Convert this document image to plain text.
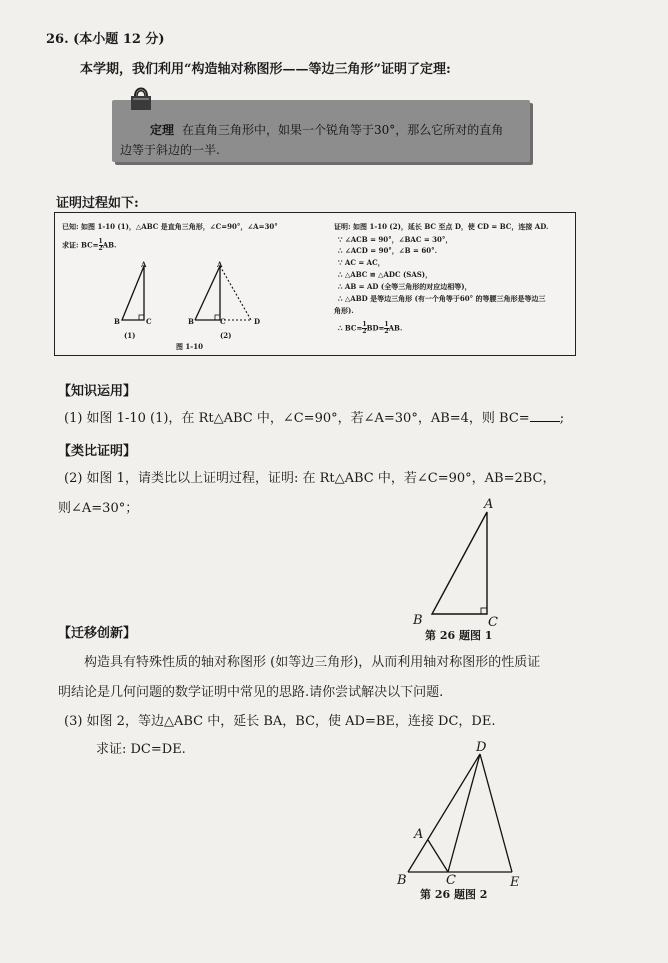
26. (本小题 12 分)
本学期，我们利用“构造轴对称图形——等边三角形”证明了定理:
定理 在直角三角形中，如果一个锐角等于30°，那么它所对的直角
边等于斜边的一半.
证明过程如下:
已知: 如图 1-10 (1)，△ABC 是直角三角形，∠C=90°，∠A=30°
求证: $BC=\frac{1}{2}AB$.
A
B	C
A
B	C	D
(1)	(2)
图 1-10
证明: 如图 1-10 (2)，延长 BC 至点 D，使 CD = BC，连接 AD.
∵ ∠ACB = 90°，∠BAC = 30°，
∴ ∠ACD = 90°，∠B = 60°.
∵ AC = AC，
∴ △ABC ≌ △ADC (SAS)，
∴ AB = AD (全等三角形的对应边相等)，
∴ △ABD 是等边三角形 (有一个角等于60° 的等腰三角形是等边三
角形).
∴ $BC=\frac{1}{2}BD=\frac{1}{2}AB$.
【知识运用】
(1) 如图 1-10 (1)，在 Rt△ABC 中，∠C=90°，若∠A=30°，AB=4，则 BC= ;
【类比证明】
(2) 如图 1，请类比以上证明过程，证明: 在 Rt△ABC 中，若∠C=90°，AB=2BC，
则∠A=30°；	A
B	C
第 26 题图 1
【迁移创新】
构造具有特殊性质的轴对称图形 (如等边三角形)，从而利用轴对称图形的性质证
明结论是几何问题的数学证明中常见的思路.请你尝试解决以下问题.
(3) 如图 2，等边△ABC 中，延长 BA，BC，使 AD=BE，连接 DC，DE.
求证: DC=DE.	D
A
B	C	E
第 26 题图 2
